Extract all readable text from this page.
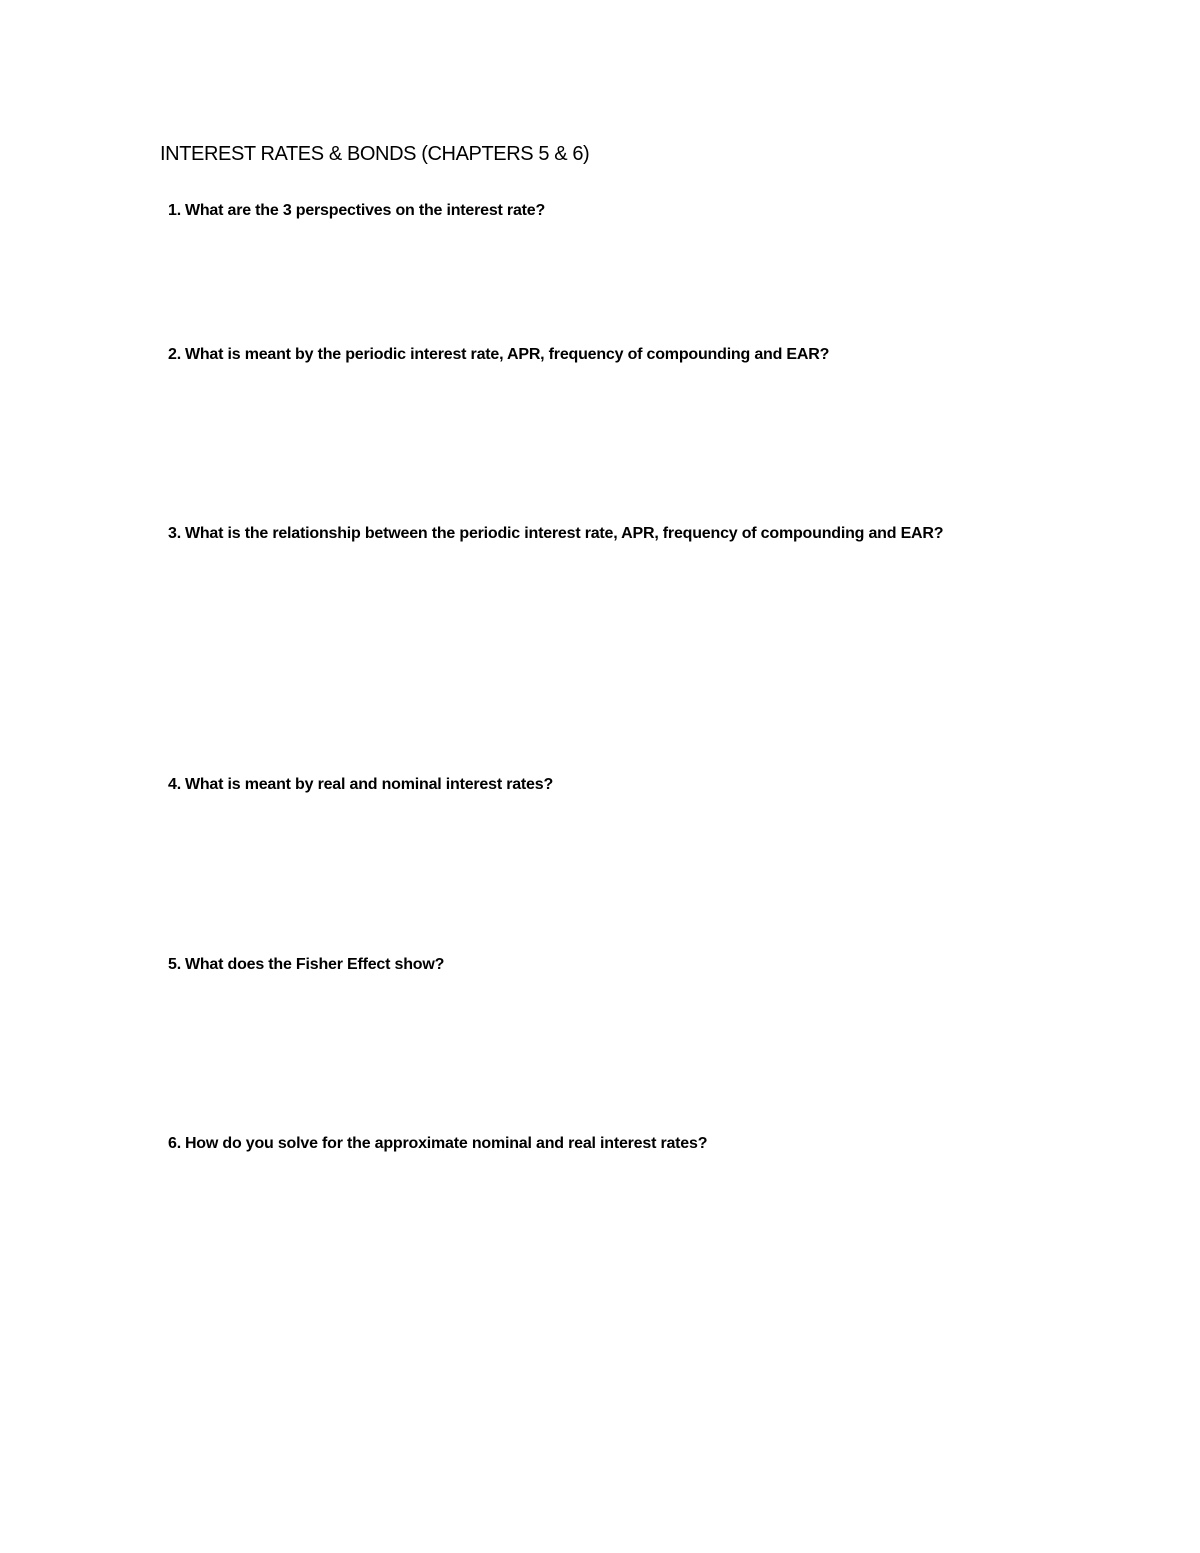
INTEREST RATES & BONDS (CHAPTERS 5 & 6)

1. What are the 3 perspectives on the interest rate?

2. What is meant by the periodic interest rate, APR, frequency of compounding and EAR?

3. What is the relationship between the periodic interest rate, APR, frequency of compounding and EAR?

4. What is meant by real and nominal interest rates?

5. What does the Fisher Effect show?

6. How do you solve for the approximate nominal and real interest rates?
